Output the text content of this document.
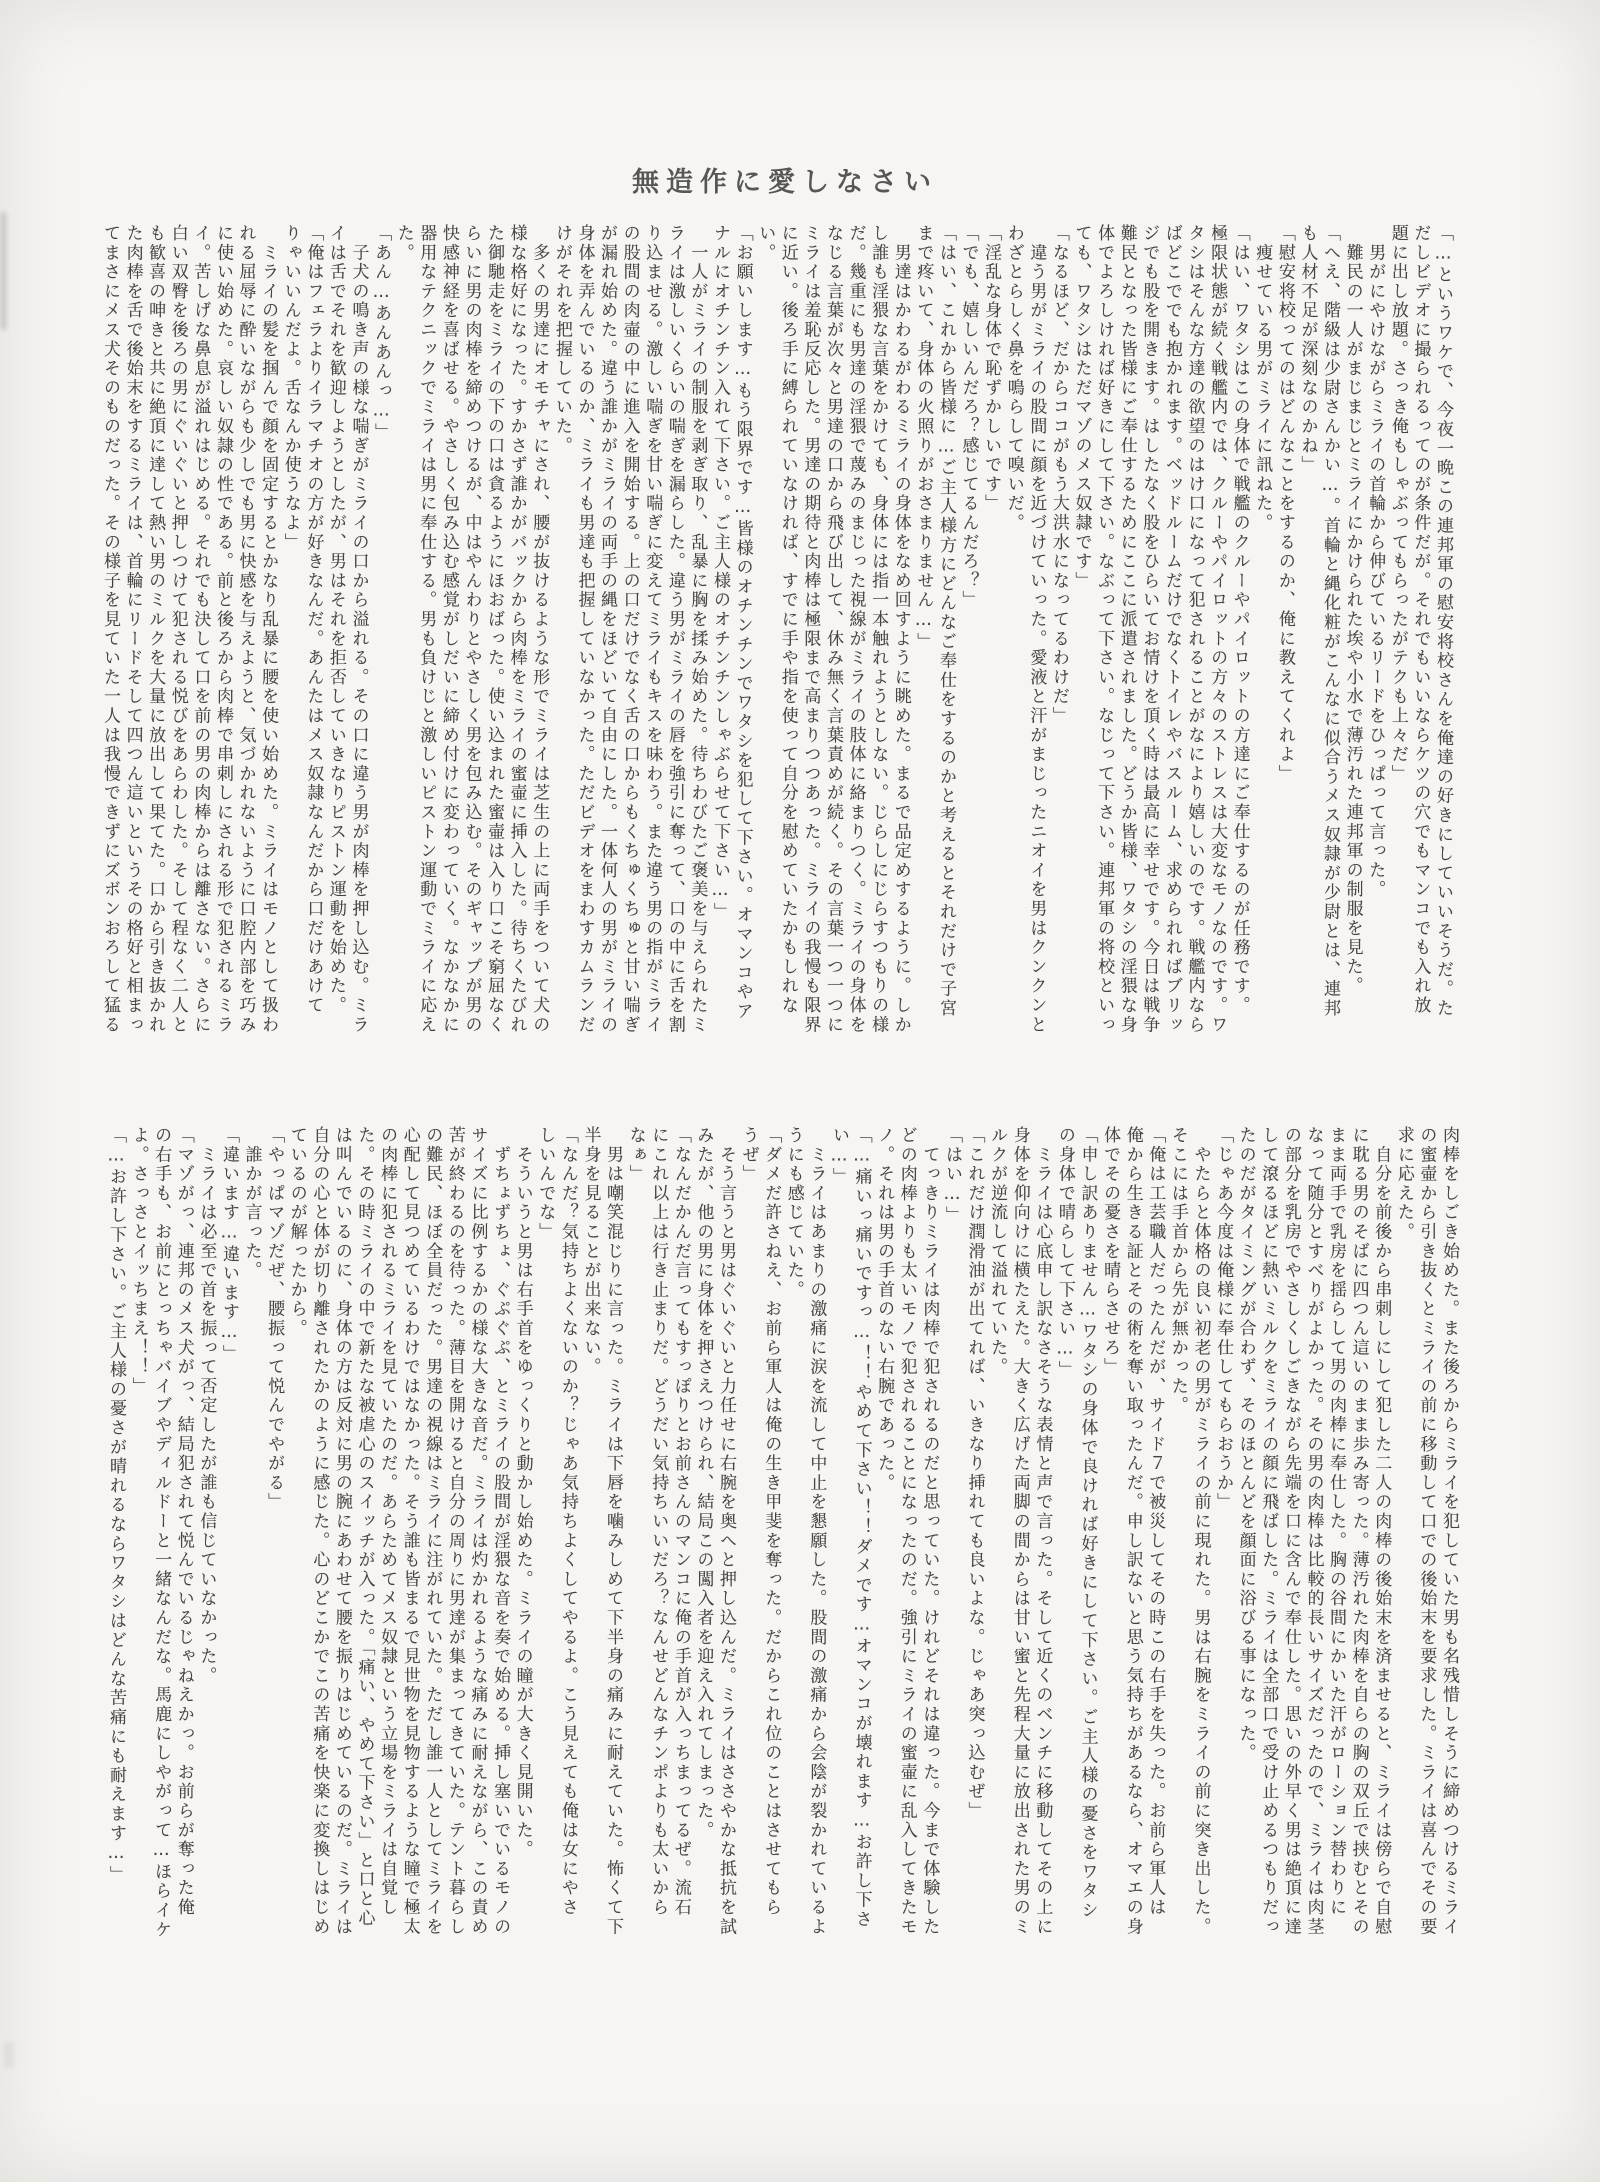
無造作に愛しなさい
「…というワケで、今夜一晩この連邦軍の慰安将校さんを俺達の好きにしていいそうだ。た
だしビデオに撮られるってのが条件だが。それでもいいならケツの穴でもマンコでも入れ放
題に出し放題。さっき俺もしゃぶってもらったがテクも上々だ」
　男がにやけながらミライの首輪から伸びているリードをひっぱって言った。
　難民の一人がまじまじとミライにかけられた埃や小水で薄汚れた連邦軍の制服を見た。
「へえ、階級は少尉さんかい…。首輪と縄化粧がこんなに似合うメス奴隷が少尉とは、連邦
も人材不足が深刻なのかね」
「慰安将校ってのはどんなことをするのか、俺に教えてくれよ」
　痩せている男がミライに訊ねた。
「はい、ワタシはこの身体で戦艦のクルーやパイロットの方達にご奉仕するのが任務です。
極限状態が続く戦艦内では、クルーやパイロットの方々のストレスは大変なモノなのです。ワ
タシはそんな方達の欲望のはけ口になって犯されることがなにより嬉しいのです。戦艦内なら
ばどこででも抱かれます。ベッドルームだけでなくトイレやバスルーム、求められればブリッ
ジでも股を開きます。はしたなく股をひらいてお情けを頂く時は最高に幸せです。今日は戦争
難民となった皆様にご奉仕するためにここに派遣されました。どうか皆様、ワタシの淫猥な身
体でよろしければ好きにして下さい。なぶって下さい。なじって下さい。連邦軍の将校といっ
ても、ワタシはただマゾのメス奴隷です」
「なるほど、だからココがもう大洪水になってるわけだ」
　違う男がミライの股間に顔を近づけていった。愛液と汗がまじったニオイを男はクンクンと
わざとらしく鼻を鳴らして嗅いだ。
「淫乱な身体で恥ずかしいです」
「でも、嬉しいんだろ？感じてるんだろ？」
「はい、これから皆様に…ご主人様方にどんなご奉仕をするのかと考えるとそれだけで子宮
まで疼いて、身体の火照りがおさまりません…」
　男達はかわるがわるミライの身体をなめ回すように眺めた。まるで品定めするように。しか
し誰も淫猥な言葉をかけても、身体には指一本触れようとしない。じらしにじらすつもりの様
だ。幾重にも男達の淫猥で蔑みのまじった視線がミライの肢体に絡まりつく。ミライの身体を
なじる言葉が次々と男達の口から飛び出して、休み無く言葉責めが続く。その言葉一つ一つに
ミライは羞恥反応した。男達の期待と肉棒は極限まで高まりつつあった。ミライの我慢も限界
に近い。後ろ手に縛られていなければ、すでに手や指を使って自分を慰めていたかもしれな
い。
「お願いします…もう限界です…皆様のオチンチンでワタシを犯して下さい。オマンコやア
ナルにオチンチン入れて下さい。ご主人様のオチンチンしゃぶらせて下さい…」
　一人がミライの制服を剥ぎ取り、乱暴に胸を揉み始めた。待ちわびたご褒美を与えられたミ
ライは激しいくらいの喘ぎを漏らした。違う男がミライの唇を強引に奪って、口の中に舌を割
り込ませる。激しい喘ぎを甘い喘ぎに変えてミライもキスを味わう。また違う男の指がミライ
の股間の肉壷の中に進入を開始する。上の口だけでなく舌の口からもくちゅくちゅと甘い喘ぎ
が漏れ始めた。違う誰かがミライの両手の縄をほどいて自由にした。一体何人の男がミライの
身体を弄んでいるのか、ミライも男達も把握していなかった。ただビデオをまわすカムランだ
けがそれを把握していた。
　多くの男達にオモチャにされ、腰が抜けるような形でミライは芝生の上に両手をついて犬の
様な格好になった。すかさず誰かがバックから肉棒をミライの蜜壷に挿入した。待ちくたびれ
た御馳走をミライの下の口は貪るようにほおばった。使い込まれた蜜壷は入り口こそ窮屈なく
らいに男の肉棒を締めつけるが、中はやんわりとやさしく男を包み込む。そのギャップが男の
快感神経を喜ばせる。やさしく包み込む感覚がしだいに締め付けに変わっていく。なかなかに
器用なテクニックでミライは男に奉仕する。男も負けじと激しいピストン運動でミライに応え
た。
「あん…あんあんっ…」
　子犬の鳴き声の様な喘ぎがミライの口から溢れる。その口に違う男が肉棒を押し込む。ミラ
イは舌でそれを歓迎しようとしたが、男はそれを拒否していきなりピストン運動を始めた。
「俺はフェラよりイラマチオの方が好きなんだ。あんたはメス奴隷なんだから口だけあけて
りゃいいんだよ。舌なんか使うなよ」
　ミライの髪を掴んで顔を固定するとかなり乱暴に腰を使い始めた。ミライはモノとして扱わ
れる屈辱に酔いながらも少しでも男に快感を与えようと、気づかれないように口腔内部を巧み
に使い始めた。哀しい奴隷の性である。前と後ろから肉棒で串刺しにされる形で犯されるミラ
イ。苦しげな鼻息が溢れはじめる。それでも決して口を前の男の肉棒からは離さない。さらに
白い双臀を後ろの男にぐいぐいと押しつけて犯される悦びをあらわした。そして程なく二人と
も歓喜の呻きと共に絶頂に達して熱い男のミルクを大量に放出して果てた。口から引き抜かれ
た肉棒を舌で後始末をするミライは、首輪にリードそして四つん這いというその格好と相まっ
てまさにメス犬そのものだった。その様子を見ていた一人は我慢できずにズボンおろして猛る
肉棒をしごき始めた。また後ろからミライを犯していた男も名残惜しそうに締めつけるミライ
の蜜壷から引き抜くとミライの前に移動して口での後始末を要求した。ミライは喜んでその要
求に応えた。
　自分を前後から串刺しにして犯した二人の肉棒の後始末を済ませると、ミライは傍らで自慰
に耽る男のそばに四つん這いのまま歩み寄った。薄汚れた肉棒を自らの胸の双丘で挟むとその
まま両手で乳房を揺らして男の肉棒に奉仕した。胸の谷間にかいた汗がローション替わりに
なって随分とすべりがよかった。その男の肉棒は比較的長いサイズだったので、ミライは肉茎
の部分を乳房でやさしくしごきながら先端を口に含んで奉仕した。思いの外早く男は絶頂に達
して滾るほどに熱いミルクをミライの顔に飛ばした。ミライは全部口で受け止めるつもりだっ
たのだがタイミングが合わず、そのほとんどを顔面に浴びる事になった。
「じゃあ今度は俺様に奉仕してもらおうか」
　やたらと体格の良い初老の男がミライの前に現れた。男は右腕をミライの前に突き出した。
そこには手首から先が無かった。
「俺は工芸職人だったんだが、サイド７で被災してその時この右手を失った。お前ら軍人は
俺から生きる証とその術を奪い取ったんだ。申し訳ないと思う気持ちがあるなら、オマエの身
体でその憂さを晴らさせろ」
「申し訳ありません…ワタシの身体で良ければ好きにして下さい。ご主人様の憂さをワタシ
の身体で晴らして下さい…」
　ミライは心底申し訳なさそうな表情と声で言った。そして近くのベンチに移動してその上に
身体を仰向けに横たえた。大きく広げた両脚の間からは甘い蜜と先程大量に放出された男のミ
ルクが逆流して溢れていた。
「これだけ潤滑油が出てれば、いきなり挿れても良いよな。じゃあ突っ込むぜ」
「はい…」
　てっきりミライは肉棒で犯されるのだと思っていた。けれどそれは違った。今まで体験した
どの肉棒よりも太いモノで犯されることになったのだ。強引にミライの蜜壷に乱入してきたモ
ノ。それは男の手首のない右腕であった。
「…痛いっ痛いですっ…！！やめて下さい！！ダメです…オマンコが壊れます…お許し下さ
い…」
　ミライはあまりの激痛に涙を流して中止を懇願した。股間の激痛から会陰が裂かれているよ
うにも感じていた。
「ダメだ許さねえ、お前ら軍人は俺の生き甲斐を奪った。だからこれ位のことはさせてもら
うぜ」
　そう言うと男はぐいぐいと力任せに右腕を奥へと押し込んだ。ミライはささやかな抵抗を試
みたが、他の男に身体を押さえつけられ、結局この闖入者を迎え入れてしまった。
「なんだかんだ言ってもすっぽりとお前さんのマンコに俺の手首が入っちまってるぜ。流石
にこれ以上は行き止まりだ。どうだい気持ちいいだろ？なんせどんなチンポよりも太いから
なぁ」
　男は嘲笑混じりに言った。ミライは下唇を噛みしめて下半身の痛みに耐えていた。怖くて下
半身を見ることが出来ない。
「なんだ？気持ちよくないのか？じゃあ気持ちよくしてやるよ。こう見えても俺は女にやさ
しいんでな」
　そういうと男は右手首をゆっくりと動かし始めた。ミライの瞳が大きく見開いた。
　ずちょずちょ、ぐぷぐぷ、とミライの股間が淫猥な音を奏で始める。挿し塞いでいるモノの
サイズに比例するかの様な大きな音だ。ミライは灼かれるような痛みに耐えながら、この責め
苦が終わるのを待った。薄目を開けると自分の周りに男達が集まってきていた。テント暮らし
の難民、ほぼ全員だった。男達の視線はミライに注がれていた。ただし誰一人としてミライを
心配して見つめているわけではなかった。そう誰も皆まるで見世物を見物するような瞳で極太
の肉棒に犯されるミライを見ていたのだ。あらためてメス奴隷という立場をミライは自覚し
た。その時ミライの中で新たな被虐心のスイッチが入った。「痛い、やめて下さい」と口と心
は叫んでいるのに、身体の方は反対に男の腕にあわせて腰を振りはじめているのだ。ミライは
自分の心と体が切り離されたかのように感じた。心のどこかでこの苦痛を快楽に変換しはじめ
ているのが解ったから。
「やっぱマゾだぜ、腰振って悦んでやがる」
　誰かが言った。
「違います…違います…」
　ミライは必至で首を振って否定したが誰も信じていなかった。
「マゾがっ、連邦のメス犬がっ、結局犯されて悦んでいるじゃねえかっ。お前らが奪った俺
の右手も、お前にとっちゃバイブやディルドーと一緒なんだな。馬鹿にしやがって…ほらイケ
よ。さっさとイッちまえ！！」
「…お許し下さい。ご主人様の憂さが晴れるならワタシはどんな苦痛にも耐えます…」
